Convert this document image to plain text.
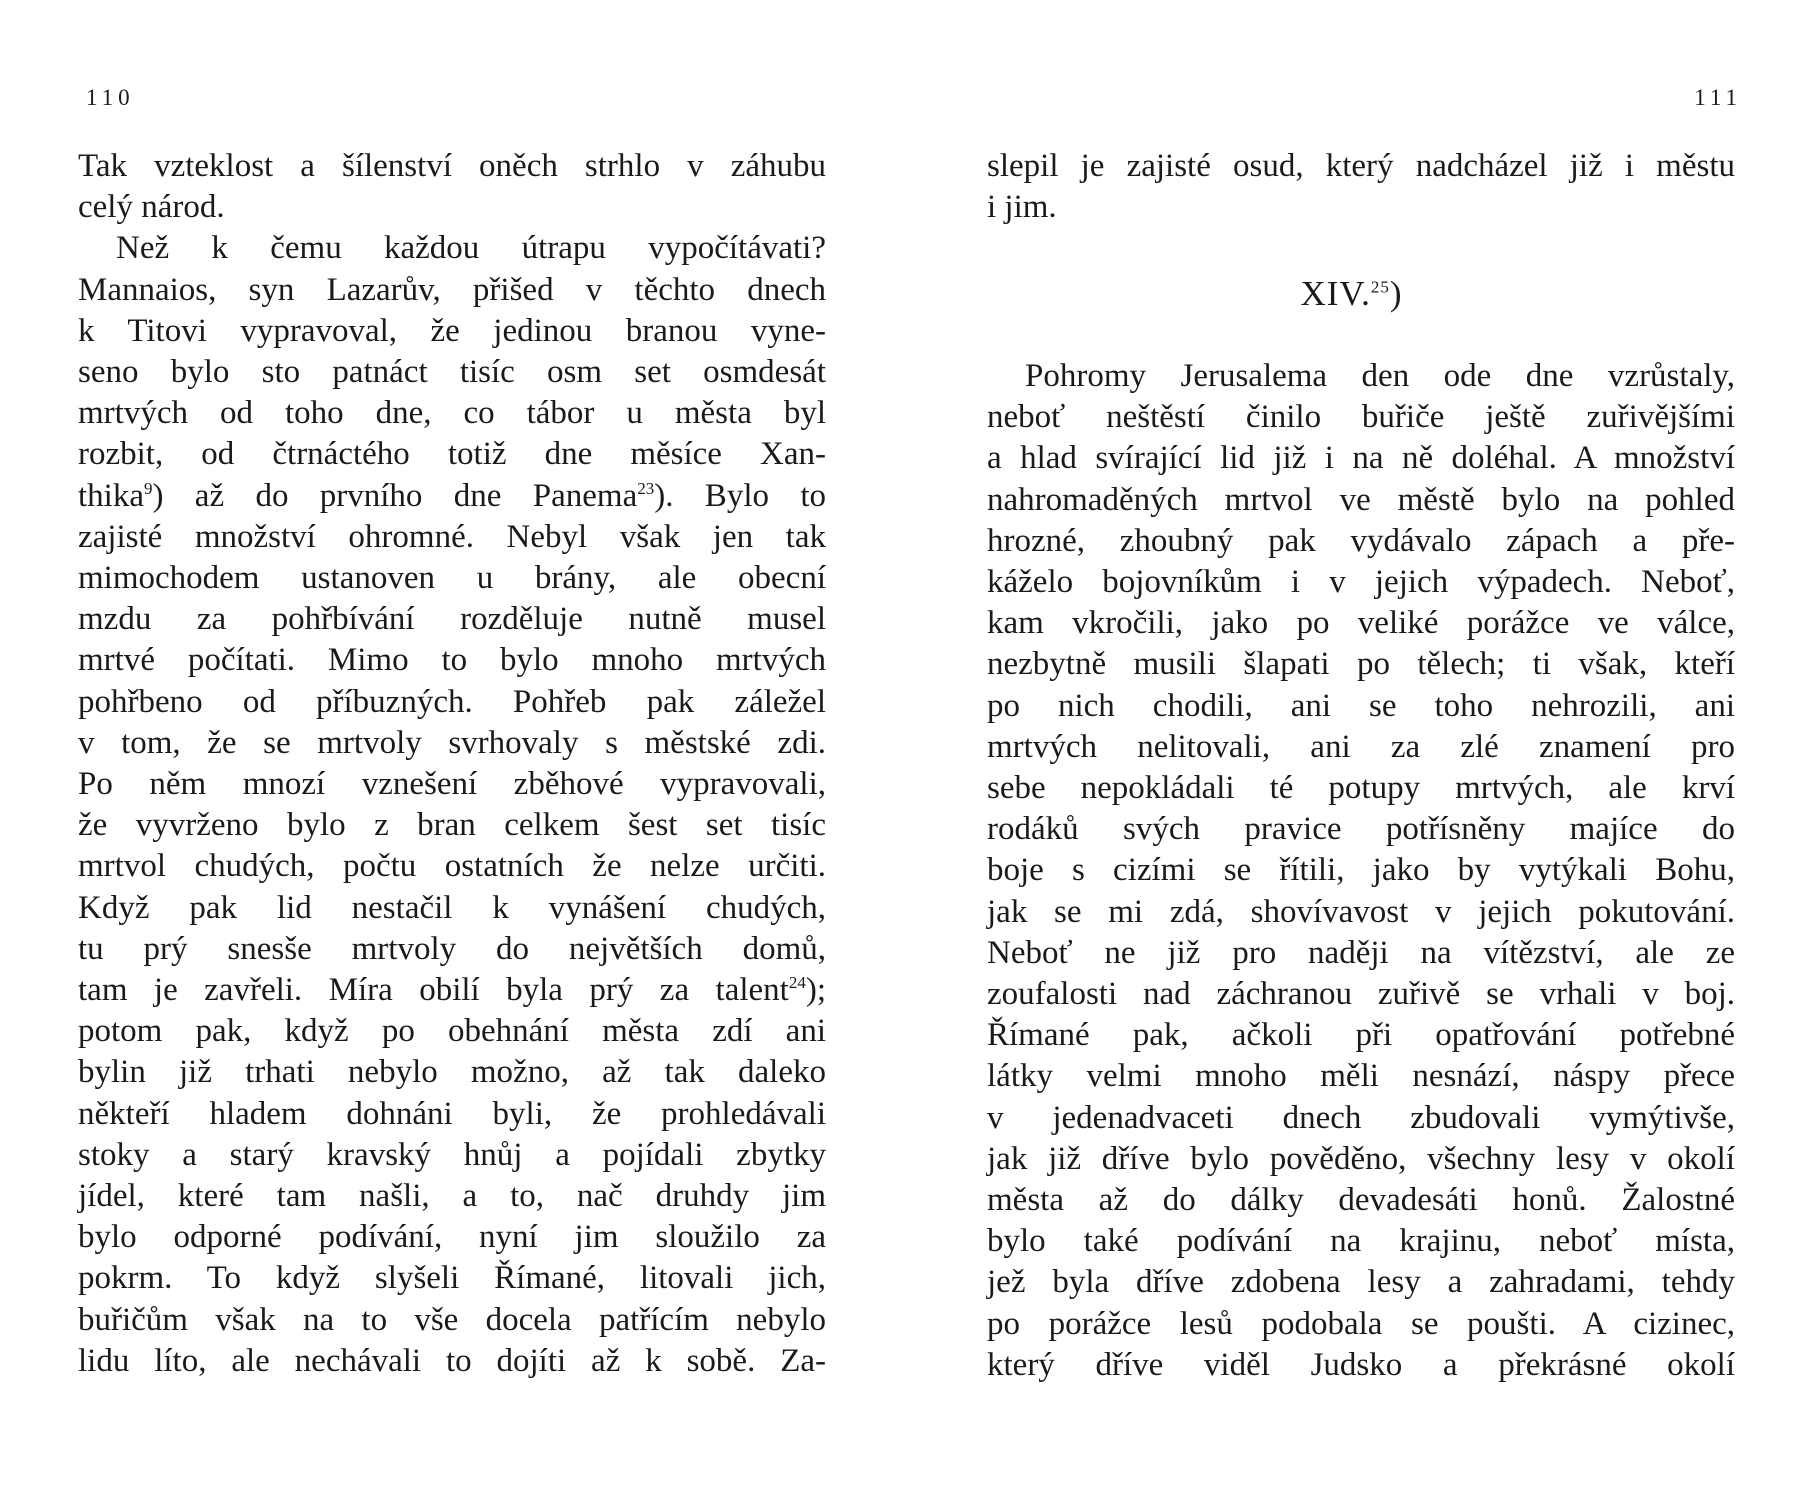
110
Tak vzteklost a šílenství oněch strhlo v záhubu
celý národ.
Než k čemu každou útrapu vypočítávati?
Mannaios, syn Lazarův, přišed v těchto dnech
k Titovi vypravoval, že jedinou branou vyne-
seno bylo sto patnáct tisíc osm set osmdesát
mrtvých od toho dne, co tábor u města byl
rozbit, od čtrnáctého totiž dne měsíce Xan-
thika$^9$) až do prvního dne Panema$^{23}$). Bylo to
zajisté množství ohromné. Nebyl však jen tak
mimochodem ustanoven u brány, ale obecní
mzdu za pohřbívání rozděluje nutně musel
mrtvé počítati. Mimo to bylo mnoho mrtvých
pohřbeno od příbuzných. Pohřeb pak záležel
v tom, že se mrtvoly svrhovaly s městské zdi.
Po něm mnozí vznešení zběhové vypravovali,
že vyvrženo bylo z bran celkem šest set tisíc
mrtvol chudých, počtu ostatních že nelze určiti.
Když pak lid nestačil k vynášení chudých,
tu prý snesše mrtvoly do největších domů,
tam je zavřeli. Míra obilí byla prý za talent$^{24}$);
potom pak, když po obehnání města zdí ani
bylin již trhati nebylo možno, až tak daleko
někteří hladem dohnáni byli, že prohledávali
stoky a starý kravský hnůj a pojídali zbytky
jídel, které tam našli, a to, nač druhdy jim
bylo odporné podívání, nyní jim sloužilo za
pokrm. To když slyšeli Římané, litovali jich,
buřičům však na to vše docela patřícím nebylo
lidu líto, ale nechávali to dojíti až k sobě. Za-
111
slepil je zajisté osud, který nadcházel již i městu
i jim.
XIV.$^{25}$)
Pohromy Jerusalema den ode dne vzrůstaly,
neboť neštěstí činilo buřiče ještě zuřivějšími
a hlad svírající lid již i na ně doléhal. A množství
nahromaděných mrtvol ve městě bylo na pohled
hrozné, zhoubný pak vydávalo zápach a pře-
káželo bojovníkům i v jejich výpadech. Neboť,
kam vkročili, jako po veliké porážce ve válce,
nezbytně musili šlapati po tělech; ti však, kteří
po nich chodili, ani se toho nehrozili, ani
mrtvých nelitovali, ani za zlé znamení pro
sebe nepokládali té potupy mrtvých, ale krví
rodáků svých pravice potřísněny majíce do
boje s cizími se řítili, jako by vytýkali Bohu,
jak se mi zdá, shovívavost v jejich pokutování.
Neboť ne již pro naději na vítězství, ale ze
zoufalosti nad záchranou zuřivě se vrhali v boj.
Římané pak, ačkoli při opatřování potřebné
látky velmi mnoho měli nesnází, náspy přece
v jedenadvaceti dnech zbudovali vymýtivše,
jak již dříve bylo pověděno, všechny lesy v okolí
města až do dálky devadesáti honů. Žalostné
bylo také podívání na krajinu, neboť místa,
jež byla dříve zdobena lesy a zahradami, tehdy
po porážce lesů podobala se poušti. A cizinec,
který dříve viděl Judsko a překrásné okolí
